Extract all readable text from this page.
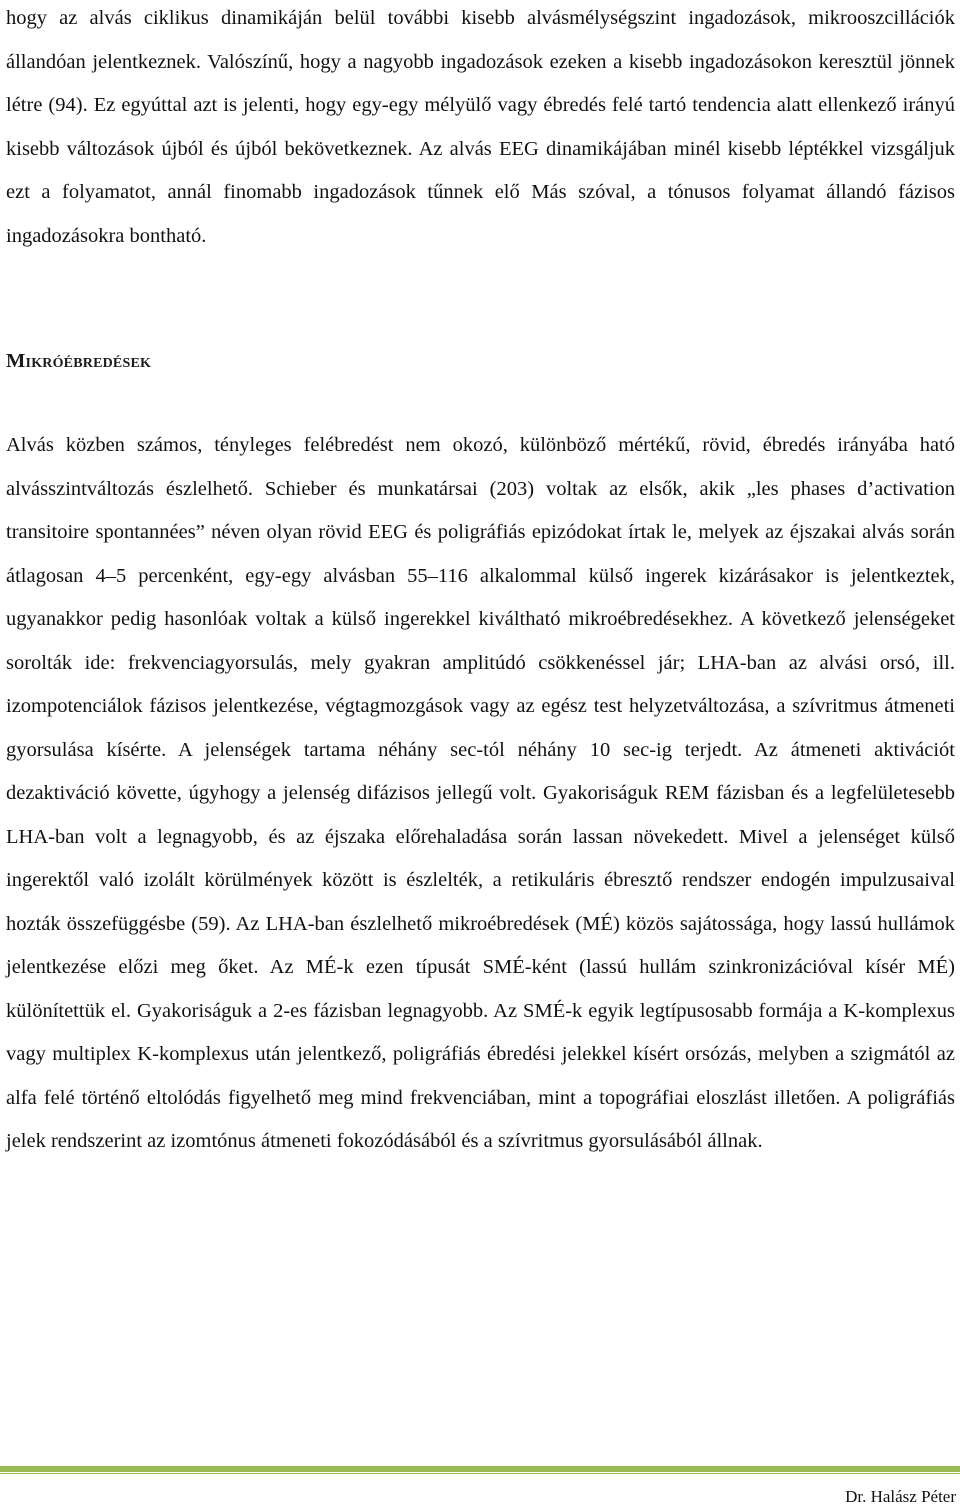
hogy az alvás ciklikus dinamikáján belül további kisebb alvásmélységszint ingadozások, mikrooszcillációk állandóan jelentkeznek. Valószínű, hogy a nagyobb ingadozások ezeken a kisebb ingadozásokon keresztül jönnek létre (94). Ez egyúttal azt is jelenti, hogy egy-egy mélyülő vagy ébredés felé tartó tendencia alatt ellenkező irányú kisebb változások újból és újból bekövetkeznek. Az alvás EEG dinamikájában minél kisebb léptékkel vizsgáljuk ezt a folyamatot, annál finomabb ingadozások tűnnek elő Más szóval, a tónusos folyamat állandó fázisos ingadozásokra bontható.

Mikróébredések

Alvás közben számos, tényleges felébredést nem okozó, különböző mértékű, rövid, ébredés irányába ható alvásszintváltozás észlelhető. Schieber és munkatársai (203) voltak az elsők, akik „les phases d’activation transitoire spontannées” néven olyan rövid EEG és poligráfiás epizódokat írtak le, melyek az éjszakai alvás során átlagosan 4–5 percenként, egy-egy alvásban 55–116 alkalommal külső ingerek kizárásakor is jelentkeztek, ugyanakkor pedig hasonlóak voltak a külső ingerekkel kiváltható mikroébredésekhez. A következő jelenségeket sorolták ide: frekvenciagyorsulás, mely gyakran amplitúdó csökkenéssel jár; LHA-ban az alvási orsó, ill. izompotenciálok fázisos jelentkezése, végtagmozgások vagy az egész test helyzetváltozása, a szívritmus átmeneti gyorsulása kísérte. A jelenségek tartama néhány sec-tól néhány 10 sec-ig terjedt. Az átmeneti aktivációt dezaktiváció követte, úgyhogy a jelenség difázisos jellegű volt. Gyakoriságuk REM fázisban és a legfelületesebb LHA-ban volt a legnagyobb, és az éjszaka előrehaladása során lassan növekedett. Mivel a jelenséget külső ingerektől való izolált körülmények között is észlelték, a retikuláris ébresztő rendszer endogén impulzusaival hozták összefüggésbe (59). Az LHA-ban észlelhető mikroébredések (MÉ) közös sajátossága, hogy lassú hullámok jelentkezése előzi meg őket. Az MÉ-k ezen típusát SMÉ-ként (lassú hullám szinkronizációval kísér MÉ) különítettük el. Gyakoriságuk a 2-es fázisban legnagyobb. Az SMÉ-k egyik legtípusosabb formája a K-komplexus vagy multiplex K-komplexus után jelentkező, poligráfiás ébredési jelekkel kísért orsózás, melyben a szigmától az alfa felé történő eltolódás figyelhető meg mind frekvenciában, mint a topográfiai eloszlást illetően. A poligráfiás jelek rendszerint az izomtónus átmeneti fokozódásából és a szívritmus gyorsulásából állnak.

Dr. Halász Péter
